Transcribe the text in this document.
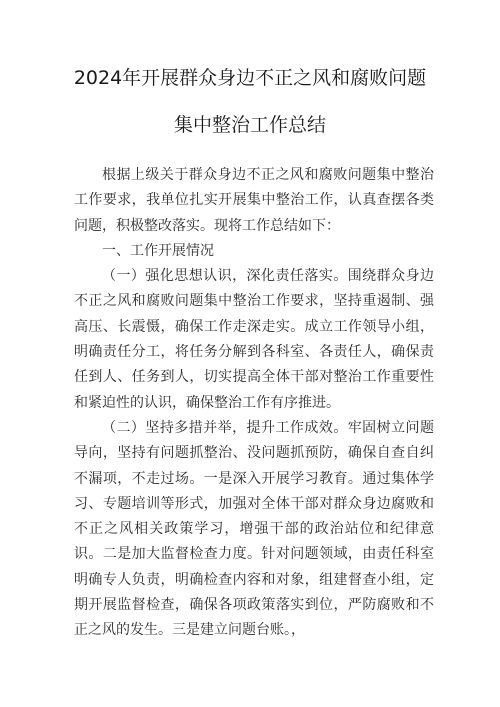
2024年开展群众身边不正之风和腐败问题
集中整治工作总结

根据上级关于群众身边不正之风和腐败问题集中整治工作要求，我单位扎实开展集中整治工作，认真查摆各类问题，积极整改落实。现将工作总结如下：

一、工作开展情况

（一）强化思想认识，深化责任落实。围绕群众身边不正之风和腐败问题集中整治工作要求，坚持重遏制、强高压、长震慑，确保工作走深走实。成立工作领导小组，明确责任分工，将任务分解到各科室、各责任人，确保责任到人、任务到人，切实提高全体干部对整治工作重要性和紧迫性的认识，确保整治工作有序推进。

（二）坚持多措并举，提升工作成效。牢固树立问题导向，坚持有问题抓整治、没问题抓预防，确保自查自纠不漏项，不走过场。一是深入开展学习教育。通过集体学习、专题培训等形式，加强对全体干部对群众身边腐败和不正之风相关政策学习，增强干部的政治站位和纪律意识。二是加大监督检查力度。针对问题领域，由责任科室明确专人负责，明确检查内容和对象，组建督查小组，定期开展监督检查，确保各项政策落实到位，严防腐败和不正之风的发生。三是建立问题台账。，
